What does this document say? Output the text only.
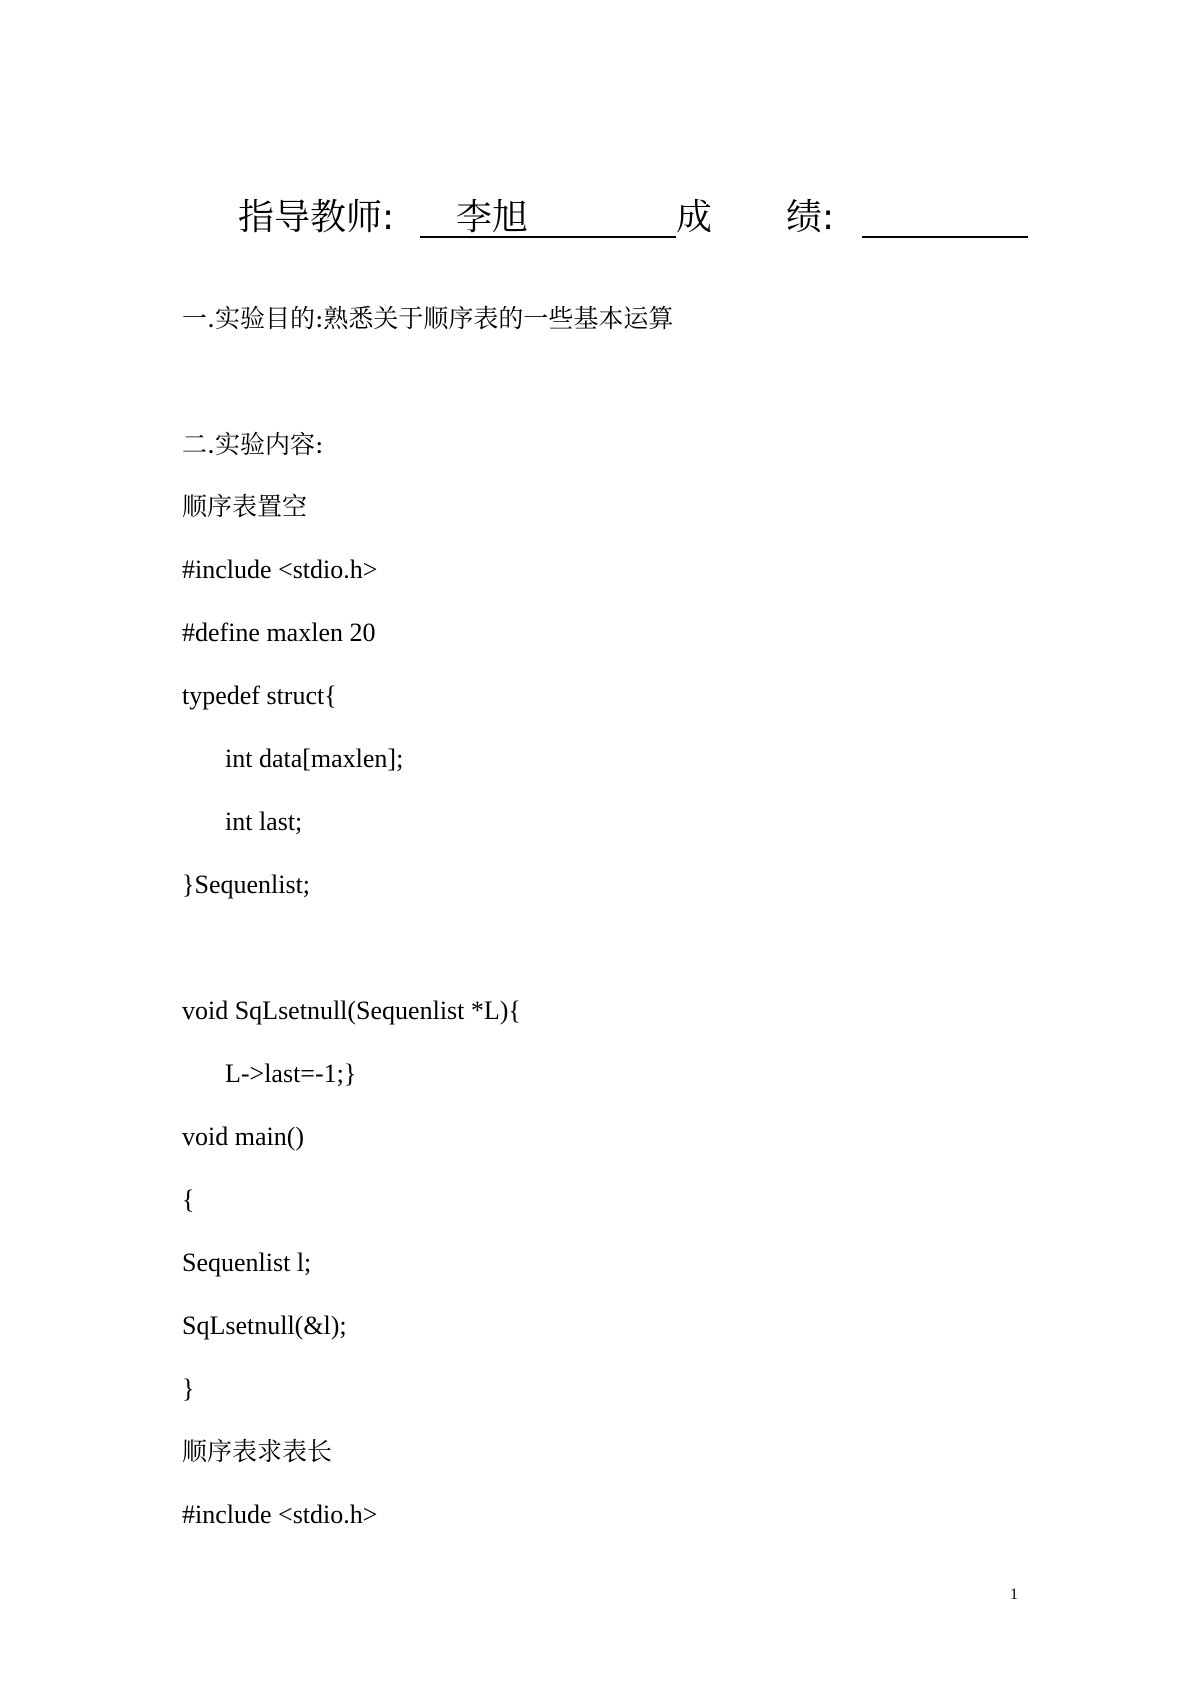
指导教师: 李旭	成 绩:
一.实验目的:熟悉关于顺序表的一些基本运算
二.实验内容:
顺序表置空
#include <stdio.h>
#define maxlen 20
typedef struct{
int data[maxlen];
int last;
}Sequenlist;
void SqLsetnull(Sequenlist *L){
L->last=-1;}
void main()
{
Sequenlist l;
SqLsetnull(&l);
}
顺序表求表长
#include <stdio.h>
1
